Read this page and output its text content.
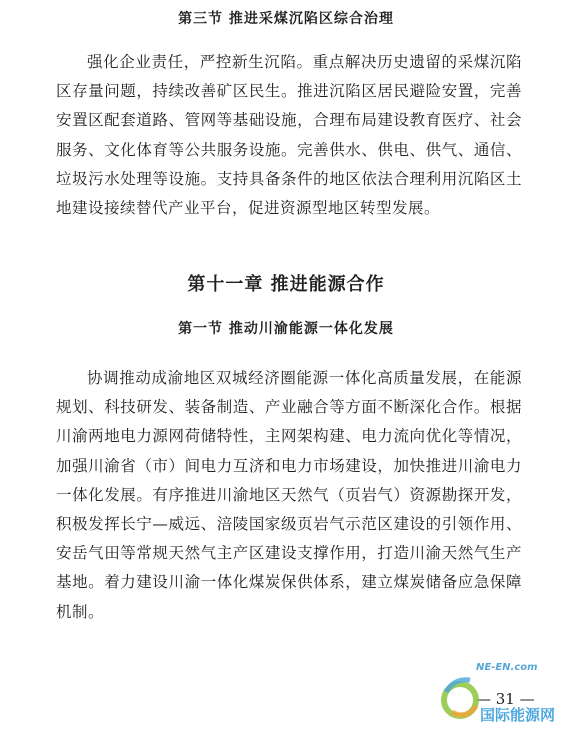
第三节 推进采煤沉陷区综合治理
强化企业责任，严控新生沉陷。重点解决历史遗留的采煤沉陷区存量问题，持续改善矿区民生。推进沉陷区居民避险安置，完善安置区配套道路、管网等基础设施，合理布局建设教育医疗、社会服务、文化体育等公共服务设施。完善供水、供电、供气、通信、垃圾污水处理等设施。支持具备条件的地区依法合理利用沉陷区土地建设接续替代产业平台，促进资源型地区转型发展。
第十一章 推进能源合作
第一节 推动川渝能源一体化发展
协调推动成渝地区双城经济圈能源一体化高质量发展，在能源规划、科技研发、装备制造、产业融合等方面不断深化合作。根据川渝两地电力源网荷储特性，主网架构建、电力流向优化等情况，加强川渝省（市）间电力互济和电力市场建设，加快推进川渝电力一体化发展。有序推进川渝地区天然气（页岩气）资源勘探开发，积极发挥长宁—威远、涪陵国家级页岩气示范区建设的引领作用、安岳气田等常规天然气主产区建设支撑作用，打造川渝天然气生产基地。着力建设川渝一体化煤炭保供体系，建立煤炭储备应急保障机制。
— 31 —
NE-EN.com
国际能源网
